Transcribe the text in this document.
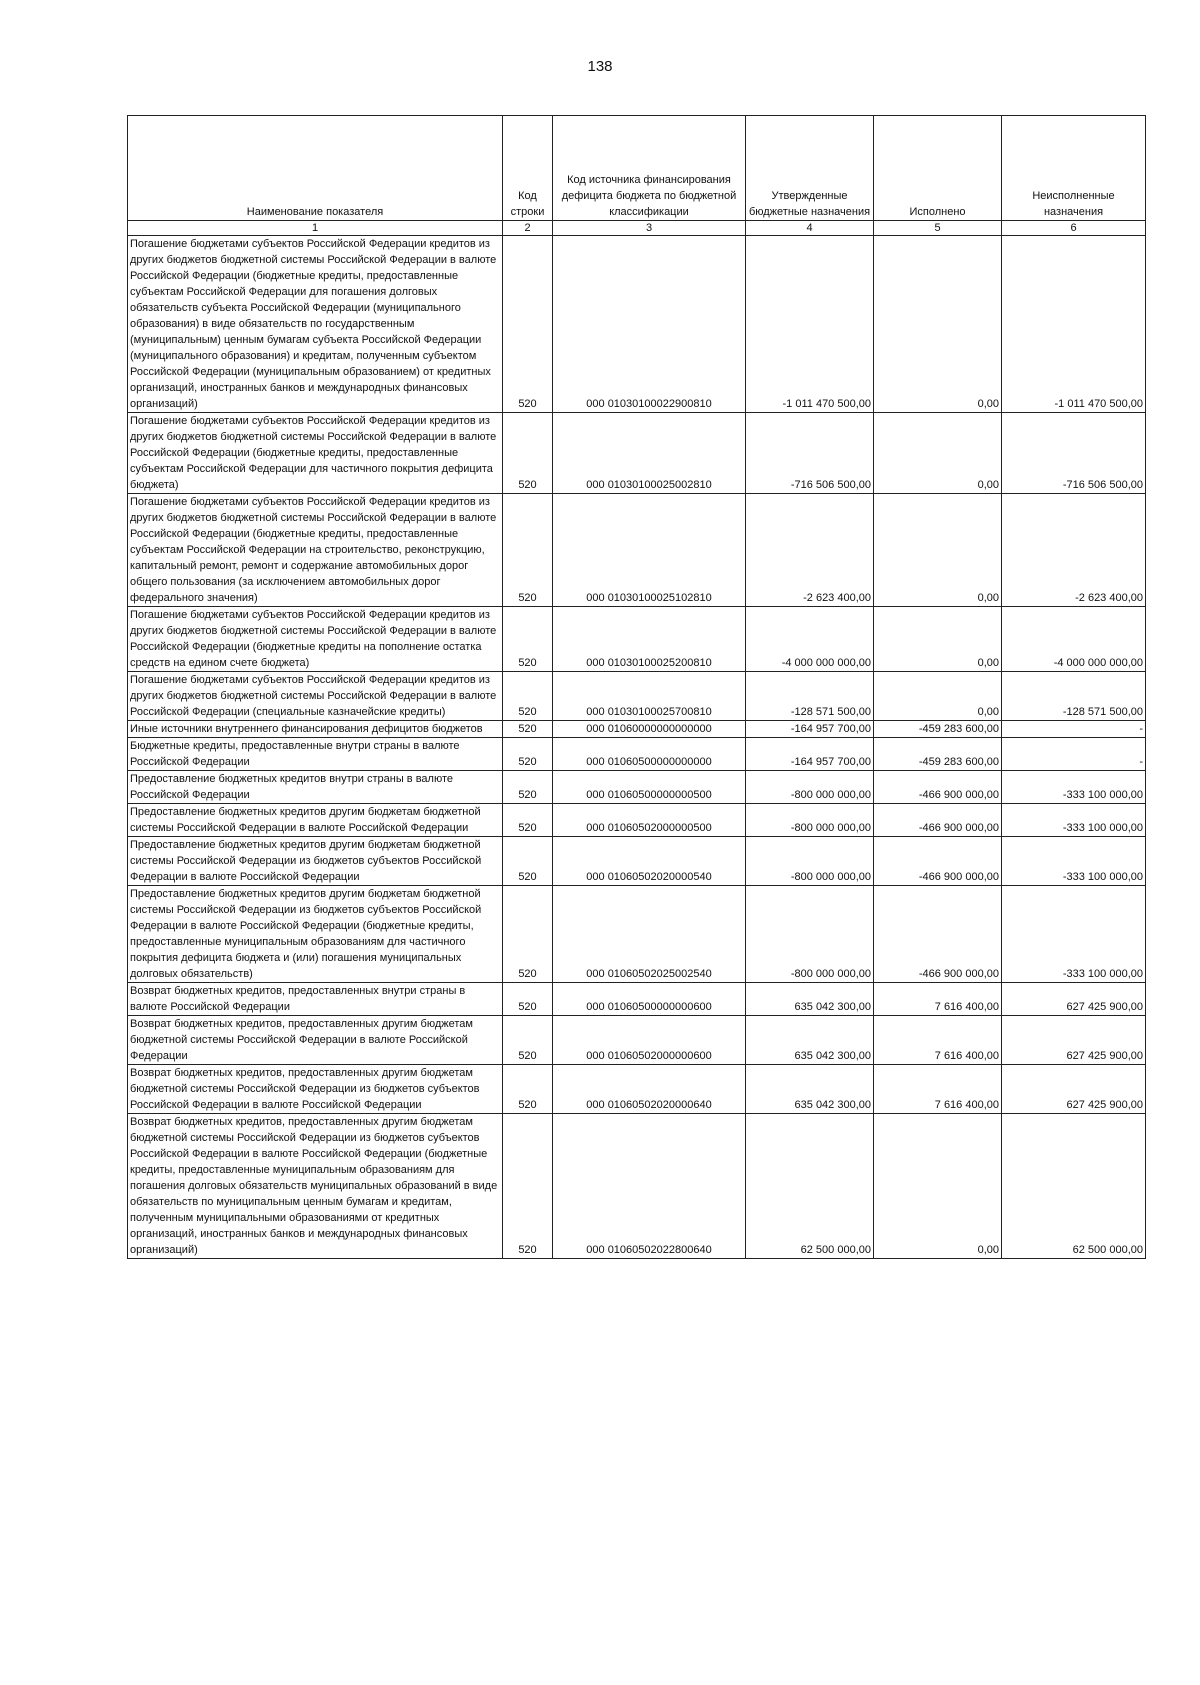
138
Наименование показателя	Код строки	Код источника финансирования дефицита бюджета по бюджетной классификации	Утвержденные бюджетные назначения	Исполнено	Неисполненные назначения
1	2	3	4	5	6
Погашение бюджетами субъектов Российской Федерации кредитов из других бюджетов бюджетной системы Российской Федерации в валюте Российской Федерации (бюджетные кредиты, предоставленные субъектам Российской Федерации для погашения долговых обязательств субъекта Российской Федерации (муниципального образования) в виде обязательств по государственным (муниципальным) ценным бумагам субъекта Российской Федерации (муниципального образования) и кредитам, полученным субъектом Российской Федерации (муниципальным образованием) от кредитных организаций, иностранных банков и международных финансовых организаций)	520	000 01030100022900810	-1 011 470 500,00	0,00	-1 011 470 500,00
Погашение бюджетами субъектов Российской Федерации кредитов из других бюджетов бюджетной системы Российской Федерации в валюте Российской Федерации (бюджетные кредиты, предоставленные субъектам Российской Федерации для частичного покрытия дефицита бюджета)	520	000 01030100025002810	-716 506 500,00	0,00	-716 506 500,00
Погашение бюджетами субъектов Российской Федерации кредитов из других бюджетов бюджетной системы Российской Федерации в валюте Российской Федерации (бюджетные кредиты, предоставленные субъектам Российской Федерации на строительство, реконструкцию, капитальный ремонт, ремонт и содержание автомобильных дорог общего пользования (за исключением автомобильных дорог федерального значения)	520	000 01030100025102810	-2 623 400,00	0,00	-2 623 400,00
Погашение бюджетами субъектов Российской Федерации кредитов из других бюджетов бюджетной системы Российской Федерации в валюте Российской Федерации (бюджетные кредиты на пополнение остатка средств на едином счете бюджета)	520	000 01030100025200810	-4 000 000 000,00	0,00	-4 000 000 000,00
Погашение бюджетами субъектов Российской Федерации кредитов из других бюджетов бюджетной системы Российской Федерации в валюте Российской Федерации (специальные казначейские кредиты)	520	000 01030100025700810	-128 571 500,00	0,00	-128 571 500,00
Иные источники внутреннего финансирования дефицитов бюджетов	520	000 01060000000000000	-164 957 700,00	-459 283 600,00	-
Бюджетные кредиты, предоставленные внутри страны в валюте Российской Федерации	520	000 01060500000000000	-164 957 700,00	-459 283 600,00	-
Предоставление бюджетных кредитов внутри страны в валюте Российской Федерации	520	000 01060500000000500	-800 000 000,00	-466 900 000,00	-333 100 000,00
Предоставление бюджетных кредитов другим бюджетам бюджетной системы Российской Федерации в валюте Российской Федерации	520	000 01060502000000500	-800 000 000,00	-466 900 000,00	-333 100 000,00
Предоставление бюджетных кредитов другим бюджетам бюджетной системы Российской Федерации из бюджетов субъектов Российской Федерации в валюте Российской Федерации	520	000 01060502020000540	-800 000 000,00	-466 900 000,00	-333 100 000,00
Предоставление бюджетных кредитов другим бюджетам бюджетной системы Российской Федерации из бюджетов субъектов Российской Федерации в валюте Российской Федерации (бюджетные кредиты, предоставленные муниципальным образованиям для частичного покрытия дефицита бюджета и (или) погашения муниципальных долговых обязательств)	520	000 01060502025002540	-800 000 000,00	-466 900 000,00	-333 100 000,00
Возврат бюджетных кредитов, предоставленных внутри страны в валюте Российской Федерации	520	000 01060500000000600	635 042 300,00	7 616 400,00	627 425 900,00
Возврат бюджетных кредитов, предоставленных другим бюджетам бюджетной системы Российской Федерации в валюте Российской Федерации	520	000 01060502000000600	635 042 300,00	7 616 400,00	627 425 900,00
Возврат бюджетных кредитов, предоставленных другим бюджетам бюджетной системы Российской Федерации из бюджетов субъектов Российской Федерации в валюте Российской Федерации	520	000 01060502020000640	635 042 300,00	7 616 400,00	627 425 900,00
Возврат бюджетных кредитов, предоставленных другим бюджетам бюджетной системы Российской Федерации из бюджетов субъектов Российской Федерации в валюте Российской Федерации (бюджетные кредиты, предоставленные муниципальным образованиям для погашения долговых обязательств муниципальных образований в виде обязательств по муниципальным ценным бумагам и кредитам, полученным муниципальными образованиями от кредитных организаций, иностранных банков и международных финансовых организаций)	520	000 01060502022800640	62 500 000,00	0,00	62 500 000,00
